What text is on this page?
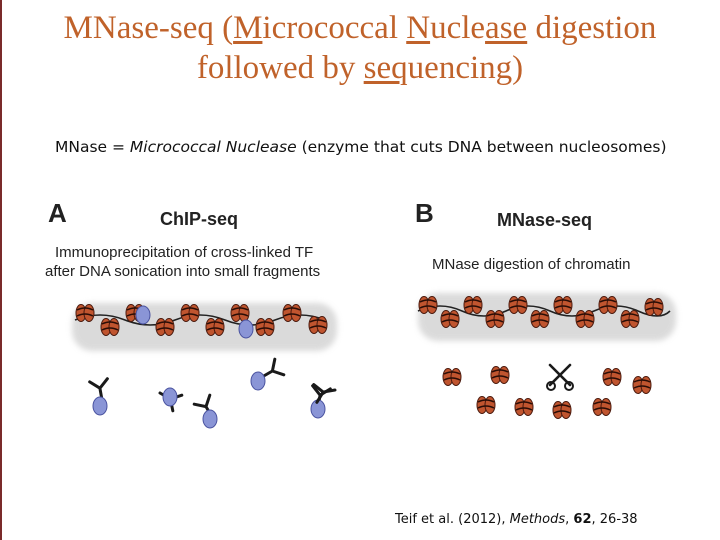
MNase-seq (Micrococcal Nuclease digestion
followed by sequencing)
MNase = Micrococcal Nuclease (enzyme that cuts DNA between nucleosomes)
A	ChIP-seq
Immunoprecipitation of cross-linked TF
after DNA sonication into small fragments
B	MNase-seq
MNase digestion of chromatin
Teif et al. (2012), Methods, 62, 26-38
